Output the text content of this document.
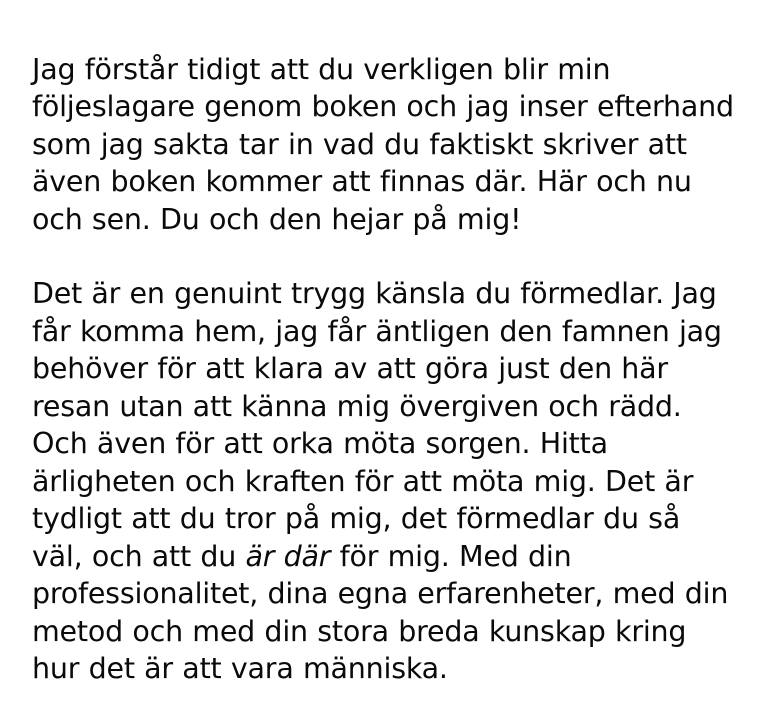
Jag förstår tidigt att du verkligen blir min följeslagare genom boken och jag inser efterhand som jag sakta tar in vad du faktiskt skriver att även boken kommer att finnas där. Här och nu och sen. Du och den hejar på mig!

Det är en genuint trygg känsla du förmedlar. Jag får komma hem, jag får äntligen den famnen jag behöver för att klara av att göra just den här resan utan att känna mig övergiven och rädd. Och även för att orka möta sorgen. Hitta ärligheten och kraften för att möta mig. Det är tydligt att du tror på mig, det förmedlar du så väl, och att du är där för mig. Med din professionalitet, dina egna erfarenheter, med din metod och med din stora breda kunskap kring hur det är att vara människa.
